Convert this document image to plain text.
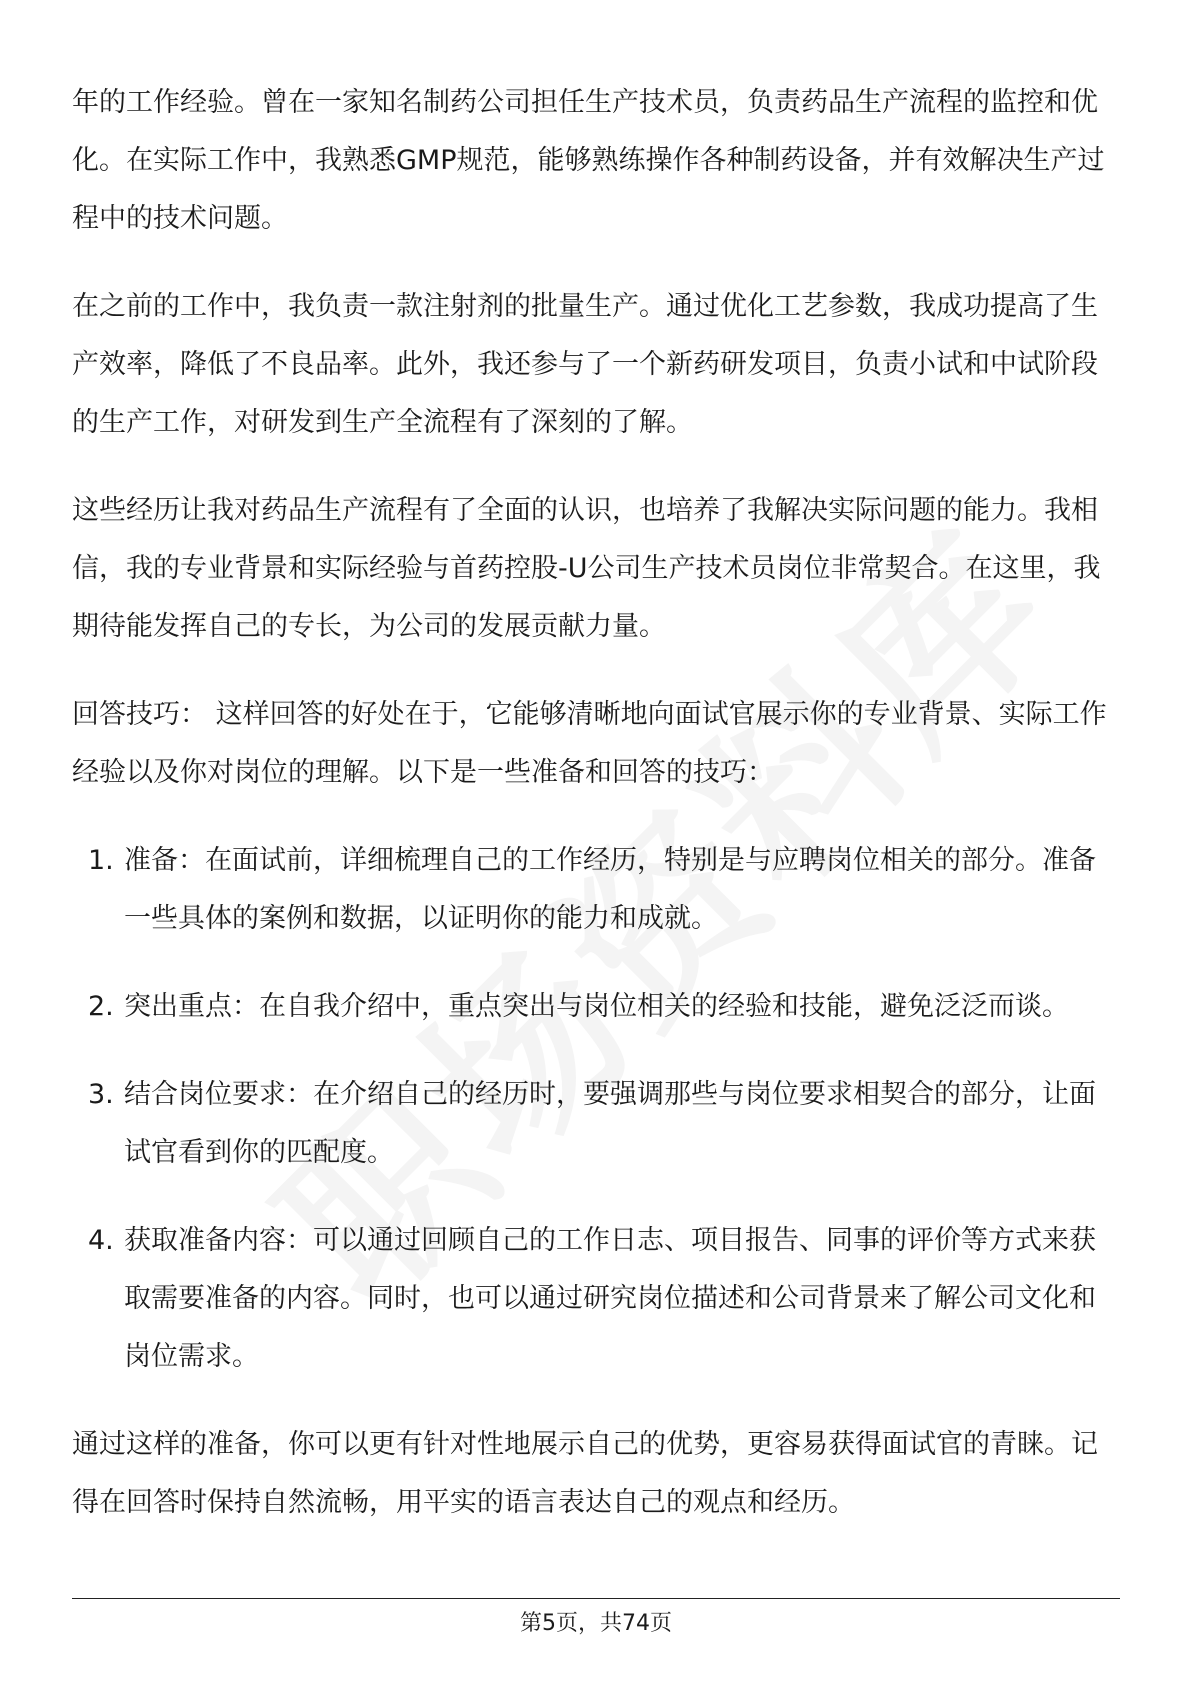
年的工作经验。曾在一家知名制药公司担任生产技术员，负责药品生产流程的监控和优化。在实际工作中，我熟悉GMP规范，能够熟练操作各种制药设备，并有效解决生产过程中的技术问题。

在之前的工作中，我负责一款注射剂的批量生产。通过优化工艺参数，我成功提高了生产效率，降低了不良品率。此外，我还参与了一个新药研发项目，负责小试和中试阶段的生产工作，对研发到生产全流程有了深刻的了解。

这些经历让我对药品生产流程有了全面的认识，也培养了我解决实际问题的能力。我相信，我的专业背景和实际经验与首药控股-U公司生产技术员岗位非常契合。在这里，我期待能发挥自己的专长，为公司的发展贡献力量。

回答技巧： 这样回答的好处在于，它能够清晰地向面试官展示你的专业背景、实际工作经验以及你对岗位的理解。以下是一些准备和回答的技巧：

1. 准备：在面试前，详细梳理自己的工作经历，特别是与应聘岗位相关的部分。准备一些具体的案例和数据，以证明你的能力和成就。
2. 突出重点：在自我介绍中，重点突出与岗位相关的经验和技能，避免泛泛而谈。
3. 结合岗位要求：在介绍自己的经历时，要强调那些与岗位要求相契合的部分，让面试官看到你的匹配度。
4. 获取准备内容：可以通过回顾自己的工作日志、项目报告、同事的评价等方式来获取需要准备的内容。同时，也可以通过研究岗位描述和公司背景来了解公司文化和岗位需求。

通过这样的准备，你可以更有针对性地展示自己的优势，更容易获得面试官的青睐。记得在回答时保持自然流畅，用平实的语言表达自己的观点和经历。

第5页，共74页
